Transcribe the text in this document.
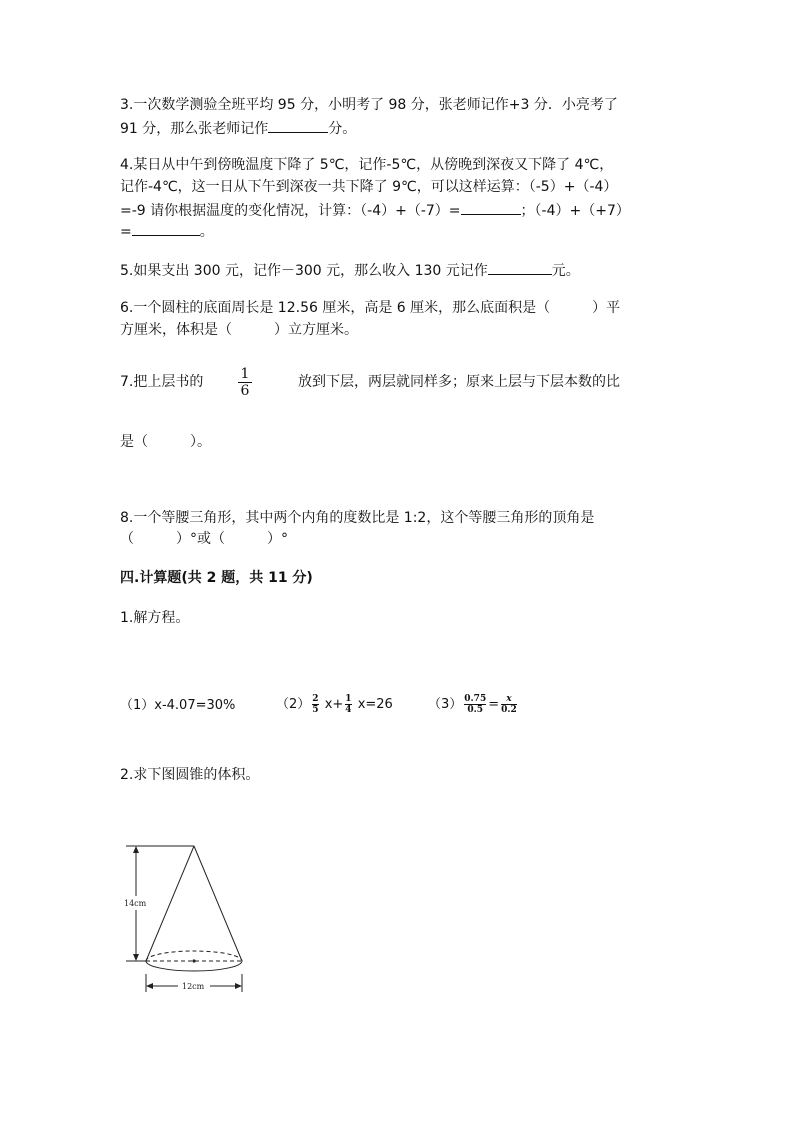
3.一次数学测验全班平均 95 分，小明考了 98 分，张老师记作+3 分．小亮考了
91 分，那么张老师记作	分。
4.某日从中午到傍晚温度下降了 5℃，记作-5℃，从傍晚到深夜又下降了 4℃，
记作-4℃，这一日从下午到深夜一共下降了 9℃，可以这样运算：（-5）+（-4）
=-9 请你根据温度的变化情况，计算：（-4）+（-7）=	；（-4）+（+7）
=	。
5.如果支出 300 元，记作－300 元，那么收入 130 元记作	元。
6.一个圆柱的底面周长是 12.56 厘米，高是 6 厘米，那么底面积是（　　　）平
方厘米，体积是（　　　）立方厘米。
7.把上层书的	1
6
放到下层，两层就同样多；原来上层与下层本数的比
是（　　　）。
8.一个等腰三角形，其中两个内角的度数比是 1:2，这个等腰三角形的顶角是
（　　　）°或（　　　）°
四.计算题(共 2 题，共 11 分)
1.解方程。
（1）x-4.07=30%	$(2) \frac{2}{5} x+ \frac{1}{4} x=26$	$(3) \frac{0.75}{0.5} = \frac{x}{0.2}$
2.求下图圆锥的体积。
14cm
12cm
